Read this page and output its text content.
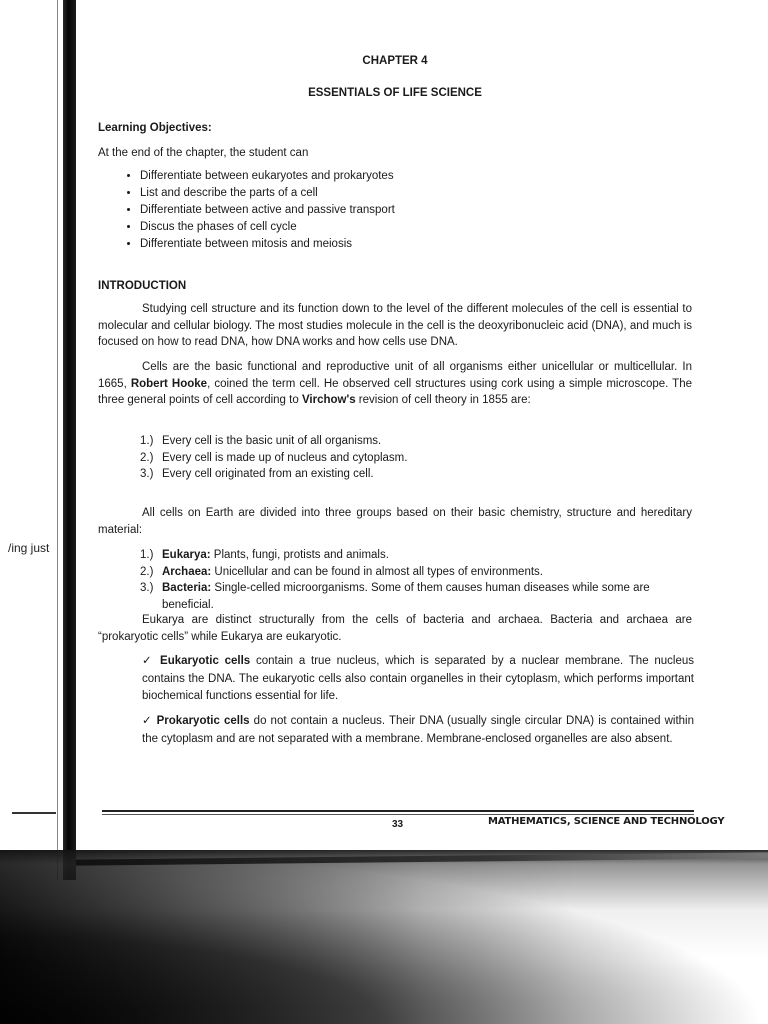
/ing just
CHAPTER 4
ESSENTIALS OF LIFE SCIENCE
Learning Objectives:
At the end of the chapter, the student can
• Differentiate between eukaryotes and prokaryotes
• List and describe the parts of a cell
• Differentiate between active and passive transport
• Discus the phases of cell cycle
• Differentiate between mitosis and meiosis
INTRODUCTION

Studying cell structure and its function down to the level of the different molecules of the cell is essential to molecular and cellular biology. The most studies molecule in the cell is the deoxyribonucleic acid (DNA), and much is focused on how to read DNA, how DNA works and how cells use DNA.

Cells are the basic functional and reproductive unit of all organisms either unicellular or multicellular. In 1665, Robert Hooke, coined the term cell. He observed cell structures using cork using a simple microscope. The three general points of cell according to Virchow's revision of cell theory in 1855 are:

1.) Every cell is the basic unit of all organisms.
2.) Every cell is made up of nucleus and cytoplasm.
3.) Every cell originated from an existing cell.

All cells on Earth are divided into three groups based on their basic chemistry, structure and hereditary material:

1.) Eukarya: Plants, fungi, protists and animals.
2.) Archaea: Unicellular and can be found in almost all types of environments.
3.) Bacteria: Single-celled microorganisms. Some of them causes human diseases while some are beneficial.

Eukarya are distinct structurally from the cells of bacteria and archaea. Bacteria and archaea are “prokaryotic cells” while Eukarya are eukaryotic.

✓ Eukaryotic cells contain a true nucleus, which is separated by a nuclear membrane. The nucleus contains the DNA. The eukaryotic cells also contain organelles in their cytoplasm, which performs important biochemical functions essential for life.

✓ Prokaryotic cells do not contain a nucleus. Their DNA (usually single circular DNA) is contained within the cytoplasm and are not separated with a membrane. Membrane-enclosed organelles are also absent.

33	MATHEMATICS, SCIENCE AND TECHNOLOGY
